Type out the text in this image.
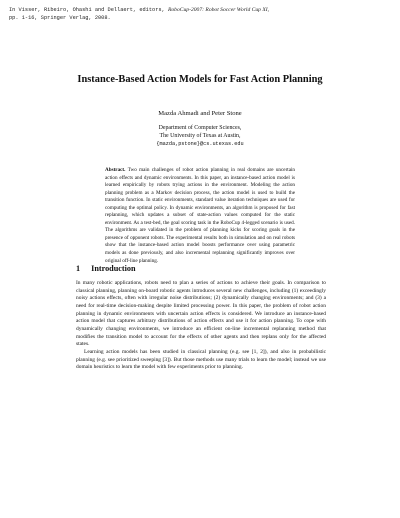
In Visser, Ribeiro, Ohashi and Dellaert, editors, RoboCup-2007: Robot Soccer World Cup XI,
pp. 1-16, Springer Verlag, 2008.
Instance-Based Action Models for Fast Action Planning
Mazda Ahmadi and Peter Stone
Department of Computer Sciences,
The University of Texas at Austin,
{mazda,pstone}@cs.utexas.edu
Abstract. Two main challenges of robot action planning in real domains are uncertain action effects and dynamic environments. In this paper, an instance-based action model is learned empirically by robots trying actions in the environment. Modeling the action planning problem as a Markov decision process, the action model is used to build the transition function. In static environments, standard value iteration techniques are used for computing the optimal policy. In dynamic environments, an algorithm is proposed for fast replanning, which updates a subset of state-action values computed for the static environment. As a test-bed, the goal scoring task in the RoboCup 4-legged scenario is used. The algorithms are validated in the problem of planning kicks for scoring goals in the presence of opponent robots. The experimental results both in simulation and on real robots show that the instance-based action model boosts performance over using parametric models as done previously, and also incremental replanning significantly improves over original off-line planning.
1 Introduction

In many robotic applications, robots need to plan a series of actions to achieve their goals. In comparison to classical planning, planning on-board robotic agents introduces several new challenges, including (1) exceedingly noisy actions effects, often with irregular noise distributions; (2) dynamically changing environments; and (3) a need for real-time decision-making despite limited processing power. In this paper, the problem of robot action planning in dynamic environments with uncertain action effects is considered. We introduce an instance-based action model that captures arbitrary distributions of action effects and use it for action planning. To cope with dynamically changing environments, we introduce an efficient on-line incremental replanning method that modifies the transition model to account for the effects of other agents and then replans only for the affected states.

Learning action models has been studied in classical planning (e.g. see [1, 2]), and also in probabilistic planning (e.g. see prioritized sweeping [3]). But those methods use many trials to learn the model; instead we use domain heuristics to learn the model with few experiments prior to planning.
